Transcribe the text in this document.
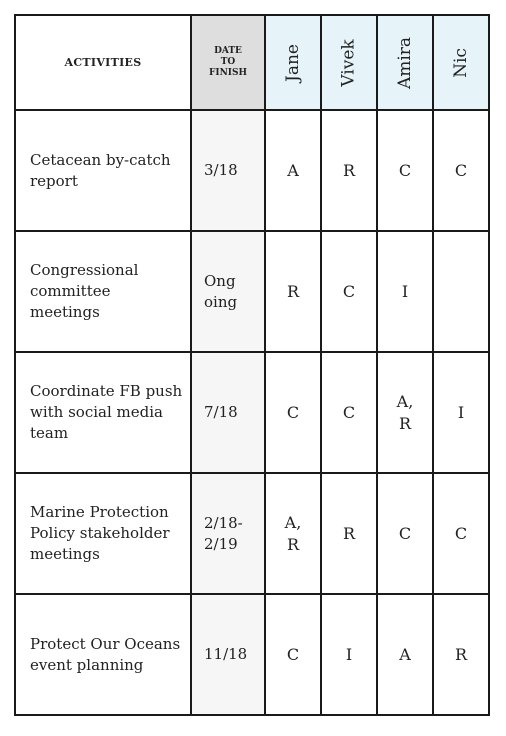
ACTIVITIES	DATE TO FINISH	Jane	Vivek	Amira	Nic

Cetacean by-catch report	3/18	A	R	C	C
Congressional committee meetings	Ongoing	R	C	I	
Coordinate FB push with social media team	7/18	C	C	A, R	I
Marine Protection Policy stakeholder meetings	2/18-2/19	A, R	R	C	C
Protect Our Oceans event planning	11/18	C	I	A	R
